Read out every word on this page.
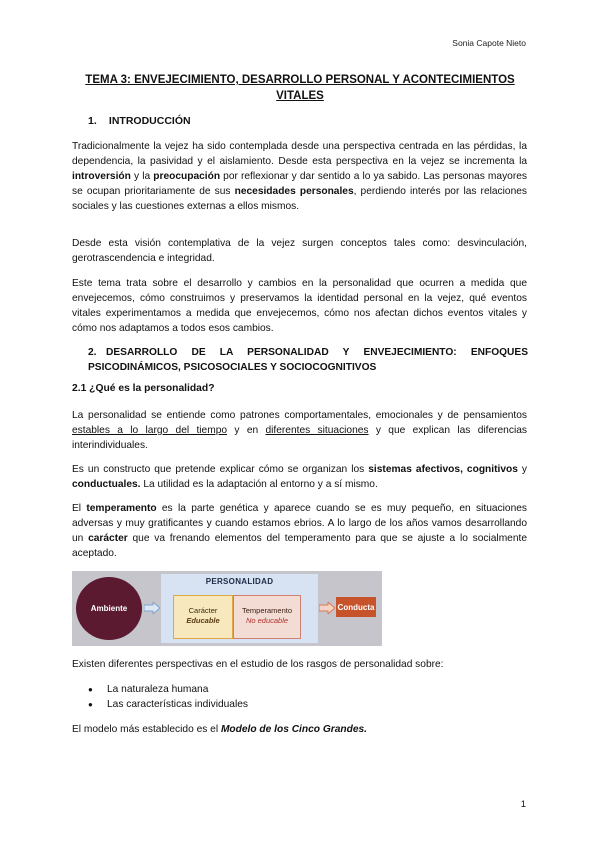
Sonia Capote Nieto
TEMA 3: ENVEJECIMIENTO, DESARROLLO PERSONAL Y ACONTECIMIENTOS VITALES
1. INTRODUCCIÓN
Tradicionalmente la vejez ha sido contemplada desde una perspectiva centrada en las pérdidas, la dependencia, la pasividad y el aislamiento. Desde esta perspectiva en la vejez se incrementa la introversión y la preocupación por reflexionar y dar sentido a lo ya sabido. Las personas mayores se ocupan prioritariamente de sus necesidades personales, perdiendo interés por las relaciones sociales y las cuestiones externas a ellos mismos.
Desde esta visión contemplativa de la vejez surgen conceptos tales como: desvinculación, gerotrascendencia e integridad.
Este tema trata sobre el desarrollo y cambios en la personalidad que ocurren a medida que envejecemos, cómo construimos y preservamos la identidad personal en la vejez, qué eventos vitales experimentamos a medida que envejecemos, cómo nos afectan dichos eventos vitales y cómo nos adaptamos a todos esos cambios.
2. DESARROLLO DE LA PERSONALIDAD Y ENVEJECIMIENTO: ENFOQUES PSICODINÁMICOS, PSICOSOCIALES Y SOCIOCOGNITIVOS
2.1 ¿Qué es la personalidad?
La personalidad se entiende como patrones comportamentales, emocionales y de pensamientos estables a lo largo del tiempo y en diferentes situaciones y que explican las diferencias interindividuales.
Es un constructo que pretende explicar cómo se organizan los sistemas afectivos, cognitivos y conductuales. La utilidad es la adaptación al entorno y a sí mismo.
El temperamento es la parte genética y aparece cuando se es muy pequeño, en situaciones adversas y muy gratificantes y cuando estamos ebrios. A lo largo de los años vamos desarrollando un carácter que va frenando elementos del temperamento para que se ajuste a lo socialmente aceptado.
Ambiente
PERSONALIDAD
Carácter
Educable
Temperamento
No educable
Conducta
Existen diferentes perspectivas en el estudio de los rasgos de personalidad sobre:
● La naturaleza humana
● Las características individuales
El modelo más establecido es el Modelo de los Cinco Grandes.
1
